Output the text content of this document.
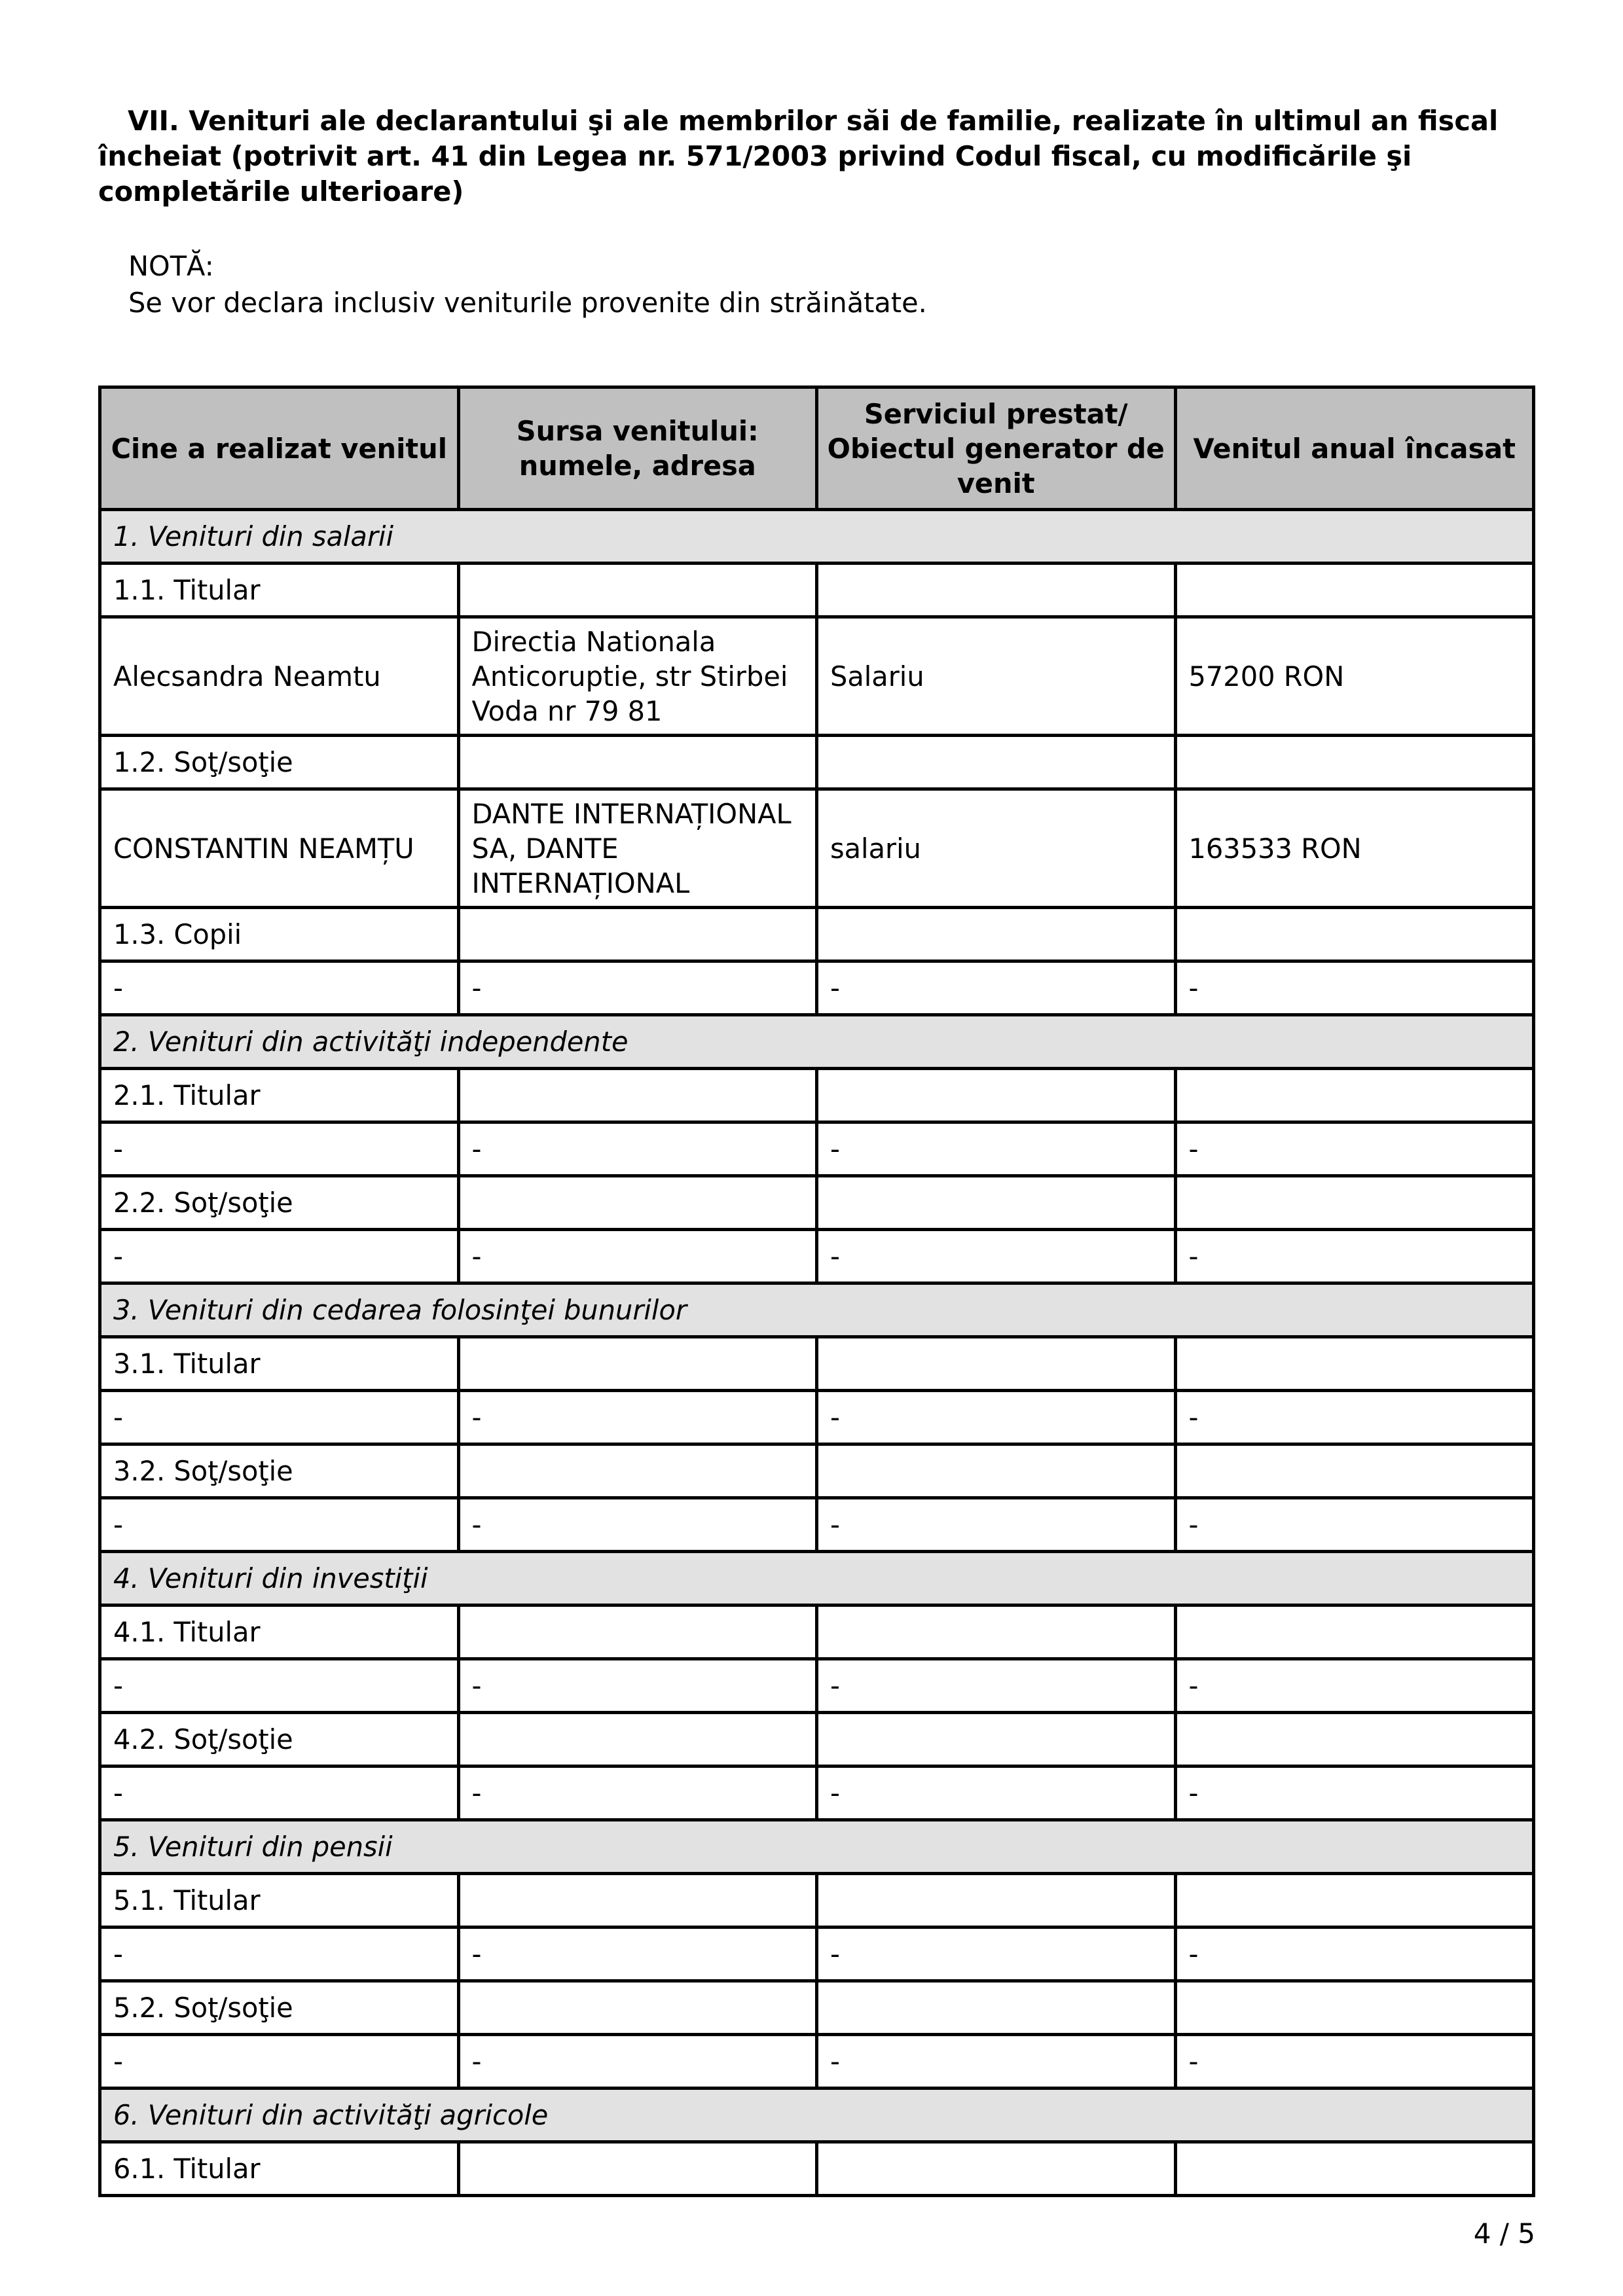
VII. Venituri ale declarantului şi ale membrilor săi de familie, realizate în ultimul an fiscal încheiat (potrivit art. 41 din Legea nr. 571/2003 privind Codul fiscal, cu modificările şi completările ulterioare)

NOTĂ:

Se vor declara inclusiv veniturile provenite din străinătate.

Cine a realizat venitul	Sursa venitului: numele, adresa	Serviciul prestat/ Obiectul generator de venit	Venitul anual încasat
1. Venituri din salarii			
1.1. Titular			
Alecsandra Neamtu	Directia Nationala Anticoruptie, str Stirbei Voda nr 79 81	Salariu	57200 RON
1.2. Soţ/soţie			
CONSTANTIN NEAMȚU	DANTE INTERNAȚIONAL SA, DANTE INTERNAȚIONAL	salariu	163533 RON
1.3. Copii			
-	-	-	-
2. Venituri din activităţi independente			
2.1. Titular			
-	-	-	-
2.2. Soţ/soţie			
-	-	-	-
3. Venituri din cedarea folosinţei bunurilor			
3.1. Titular			
-	-	-	-
3.2. Soţ/soţie			
-	-	-	-
4. Venituri din investiţii			
4.1. Titular			
-	-	-	-
4.2. Soţ/soţie			
-	-	-	-
5. Venituri din pensii			
5.1. Titular			
-	-	-	-
5.2. Soţ/soţie			
-	-	-	-
6. Venituri din activităţi agricole			
6.1. Titular			

4 / 5
